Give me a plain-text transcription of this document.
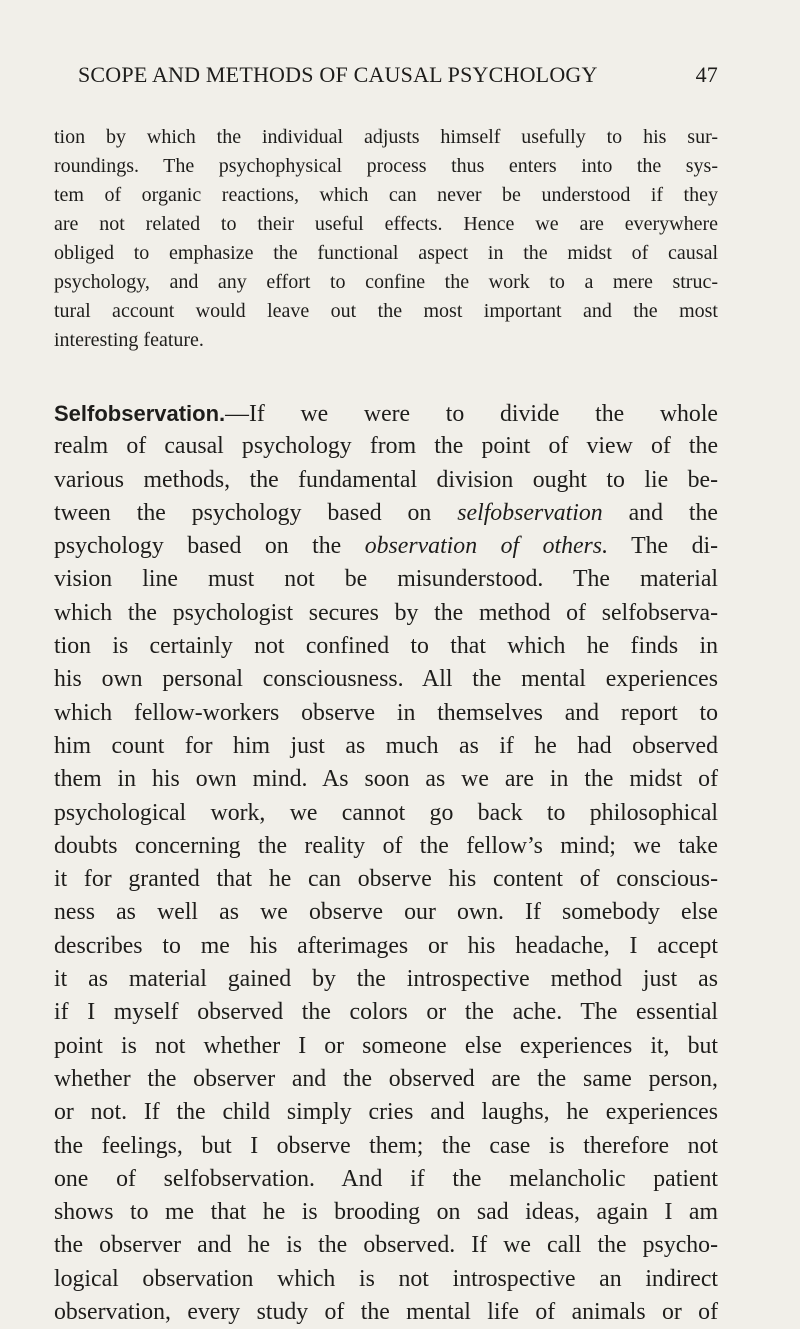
SCOPE AND METHODS OF CAUSAL PSYCHOLOGY	47
tion by which the individual adjusts himself usefully to his sur-
roundings. The psychophysical process thus enters into the sys-
tem of organic reactions, which can never be understood if they
are not related to their useful effects. Hence we are everywhere
obliged to emphasize the functional aspect in the midst of causal
psychology, and any effort to confine the work to a mere struc-
tural account would leave out the most important and the most
interesting feature.
Selfobservation.—If we were to divide the whole
realm of causal psychology from the point of view of the
various methods, the fundamental division ought to lie be-
tween the psychology based on selfobservation and the
psychology based on the observation of others. The di-
vision line must not be misunderstood. The material
which the psychologist secures by the method of selfobserva-
tion is certainly not confined to that which he finds in
his own personal consciousness. All the mental experiences
which fellow-workers observe in themselves and report to
him count for him just as much as if he had observed
them in his own mind. As soon as we are in the midst of
psychological work, we cannot go back to philosophical
doubts concerning the reality of the fellow’s mind; we take
it for granted that he can observe his content of conscious-
ness as well as we observe our own. If somebody else
describes to me his afterimages or his headache, I accept
it as material gained by the introspective method just as
if I myself observed the colors or the ache. The essential
point is not whether I or someone else experiences it, but
whether the observer and the observed are the same person,
or not. If the child simply cries and laughs, he experiences
the feelings, but I observe them; the case is therefore not
one of selfobservation. And if the melancholic patient
shows to me that he is brooding on sad ideas, again I am
the observer and he is the observed. If we call the psycho-
logical observation which is not introspective an indirect
observation, every study of the mental life of animals or of
